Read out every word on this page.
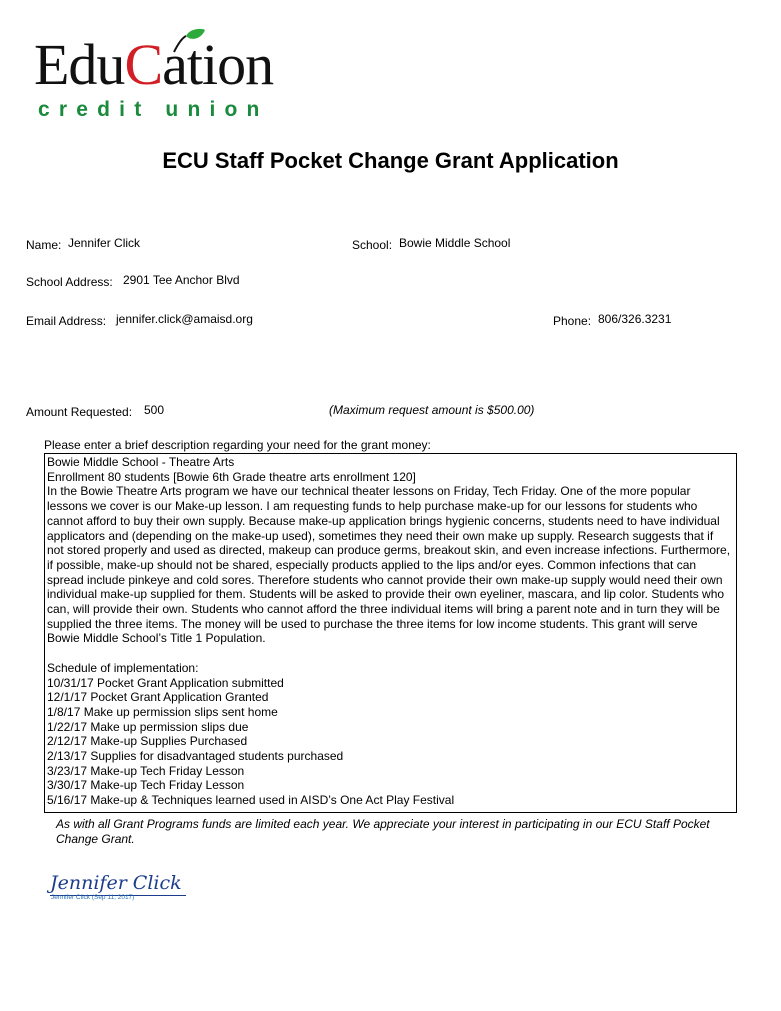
EduCation
credit union
ECU Staff Pocket Change Grant Application
Name: Jennifer Click	School: Bowie Middle School
School Address: 2901 Tee Anchor Blvd
Email Address: jennifer.click@amaisd.org	Phone: 806/326.3231
Amount Requested: 500	(Maximum request amount is $500.00)
Please enter a brief description regarding your need for the grant money:

Bowie Middle School - Theatre Arts

Enrollment 80 students [Bowie 6th Grade theatre arts enrollment 120]

In the Bowie Theatre Arts program we have our technical theater lessons on Friday, Tech Friday. One of the more popular lessons we cover is our Make-up lesson. I am requesting funds to help purchase make-up for our lessons for students who cannot afford to buy their own supply. Because make-up application brings hygienic concerns, students need to have individual applicators and (depending on the make-up used), sometimes they need their own make up supply. Research suggests that if not stored properly and used as directed, makeup can produce germs, breakout skin, and even increase infections. Furthermore, if possible, make-up should not be shared, especially products applied to the lips and/or eyes. Common infections that can spread include pinkeye and cold sores. Therefore students who cannot provide their own make-up supply would need their own individual make-up supplied for them. Students will be asked to provide their own eyeliner, mascara, and lip color. Students who can, will provide their own. Students who cannot afford the three individual items will bring a parent note and in turn they will be supplied the three items. The money will be used to purchase the three items for low income students. This grant will serve Bowie Middle School’s Title 1 Population.

Schedule of implementation:

10/31/17 Pocket Grant Application submitted

12/1/17 Pocket Grant Application Granted

1/8/17 Make up permission slips sent home

1/22/17 Make up permission slips due

2/12/17 Make-up Supplies Purchased

2/13/17 Supplies for disadvantaged students purchased

3/23/17 Make-up Tech Friday Lesson

3/30/17 Make-up Tech Friday Lesson

5/16/17 Make-up & Techniques learned used in AISD’s One Act Play Festival

As with all Grant Programs funds are limited each year. We appreciate your interest in participating in our ECU Staff Pocket Change Grant.
Jennifer Click
Jennifer Click (Sep 11, 2017)
